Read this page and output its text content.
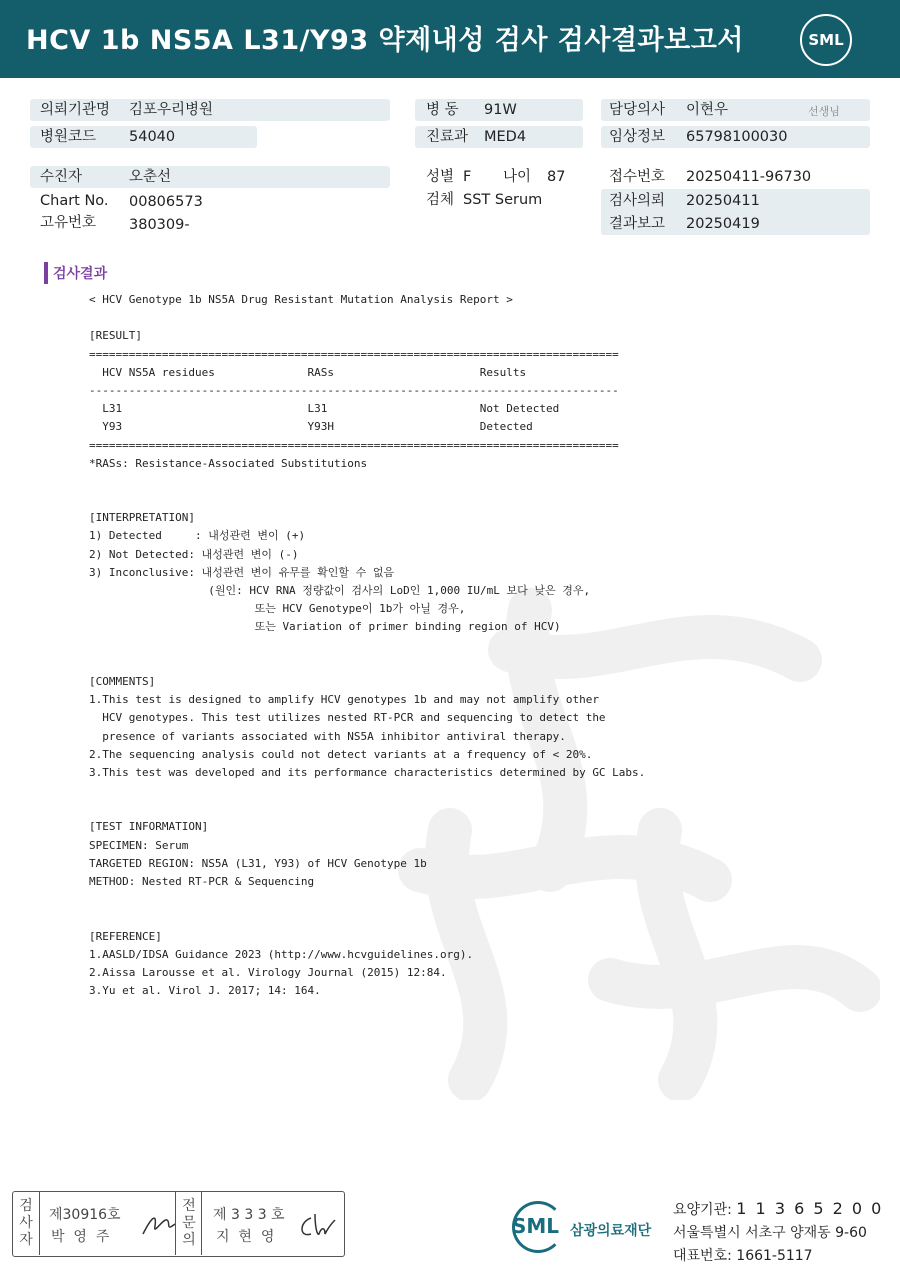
HCV 1b NS5A L31/Y93 약제내성 검사 검사결과보고서	SML
의뢰기관명 김포우리병원
병원코드 54040
병 동 91W
진료과 MED4
담당의사 이현우	선생님
임상정보 65798100030
수진자	오춘선
Chart No. 00806573
고유번호 380309-
성별 F 나이 87
검체 SST Serum
접수번호 20250411-96730
검사의뢰 20250411
결과보고 20250419
검사결과
< HCV Genotype 1b NS5A Drug Resistant Mutation Analysis Report >
[RESULT]
================================================================================
HCV NS5A residues              RASs                      Results
--------------------------------------------------------------------------------
L31                            L31                       Not Detected
Y93                            Y93H                      Detected
================================================================================
*RASs: Resistance-Associated Substitutions
[INTERPRETATION]
1) Detected     : 내성관련 변이 (+)
2) Not Detected: 내성관련 변이 (-)
3) Inconclusive: 내성관련 변이 유무를 확인할 수 없음
(원인: HCV RNA 정량값이 검사의 LoD인 1,000 IU/mL 보다 낮은 경우,
또는 HCV Genotype이 1b가 아닐 경우,
또는 Variation of primer binding region of HCV)
[COMMENTS]
1.This test is designed to amplify HCV genotypes 1b and may not amplify other
HCV genotypes. This test utilizes nested RT-PCR and sequencing to detect the
presence of variants associated with NS5A inhibitor antiviral therapy.
2.The sequencing analysis could not detect variants at a frequency of < 20%.
3.This test was developed and its performance characteristics determined by GC Labs.
[TEST INFORMATION]
SPECIMEN: Serum
TARGETED REGION: NS5A (L31, Y93) of HCV Genotype 1b
METHOD: Nested RT-PCR & Sequencing
[REFERENCE]
1.AASLD/IDSA Guidance 2023 (http://www.hcvguidelines.org).
2.Aissa Larousse et al. Virology Journal (2015) 12:84.
3.Yu et al. Virol J. 2017; 14: 164.
검
사
자
제30916호
박  영  주
전
문
의
제 3 3 3 호
지  현  영	SML 삼광의료재단
요양기관: 1 1 3 6 5 2 0 0
서울특별시 서초구 양재동 9-60
대표번호: 1661-5117
